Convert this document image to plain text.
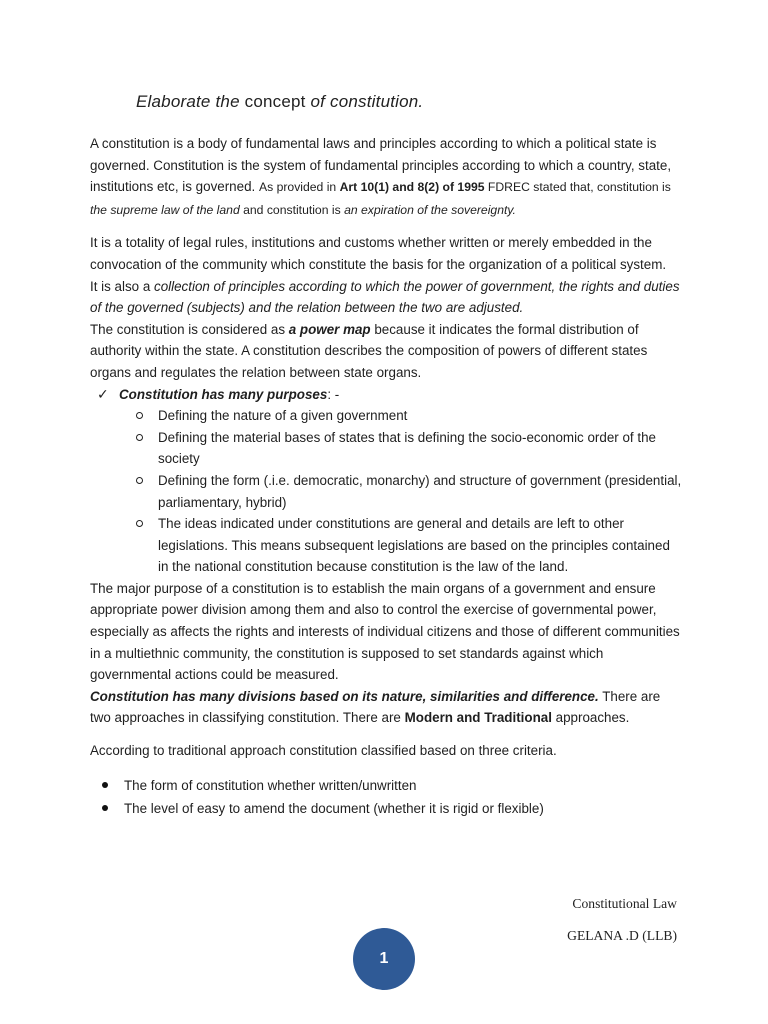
Elaborate the concept of constitution.

A constitution is a body of fundamental laws and principles according to which a political state is governed. Constitution is the system of fundamental principles according to which a country, state, institutions etc, is governed. As provided in Art 10(1) and 8(2) of 1995 FDREC stated that, constitution is the supreme law of the land and constitution is an expiration of the sovereignty.

It is a totality of legal rules, institutions and customs whether written or merely embedded in the convocation of the community which constitute the basis for the organization of a political system.

It is also a collection of principles according to which the power of government, the rights and duties of the governed (subjects) and the relation between the two are adjusted.

The constitution is considered as a power map because it indicates the formal distribution of authority within the state. A constitution describes the composition of powers of different states organs and regulates the relation between state organs.

✓ Constitution has many purposes: -
Defining the nature of a given government
Defining the material bases of states that is defining the socio-economic order of the society
Defining the form (.i.e. democratic, monarchy) and structure of government (presidential, parliamentary, hybrid)
The ideas indicated under constitutions are general and details are left to other legislations. This means subsequent legislations are based on the principles contained in the national constitution because constitution is the law of the land.

The major purpose of a constitution is to establish the main organs of a government and ensure appropriate power division among them and also to control the exercise of governmental power, especially as affects the rights and interests of individual citizens and those of different communities in a multiethnic community, the constitution is supposed to set standards against which governmental actions could be measured.

Constitution has many divisions based on its nature, similarities and difference. There are two approaches in classifying constitution. There are Modern and Traditional approaches.

According to traditional approach constitution classified based on three criteria.

The form of constitution whether written/unwritten
The level of easy to amend the document (whether it is rigid or flexible)

Constitutional Law

GELANA .D (LLB)

1
